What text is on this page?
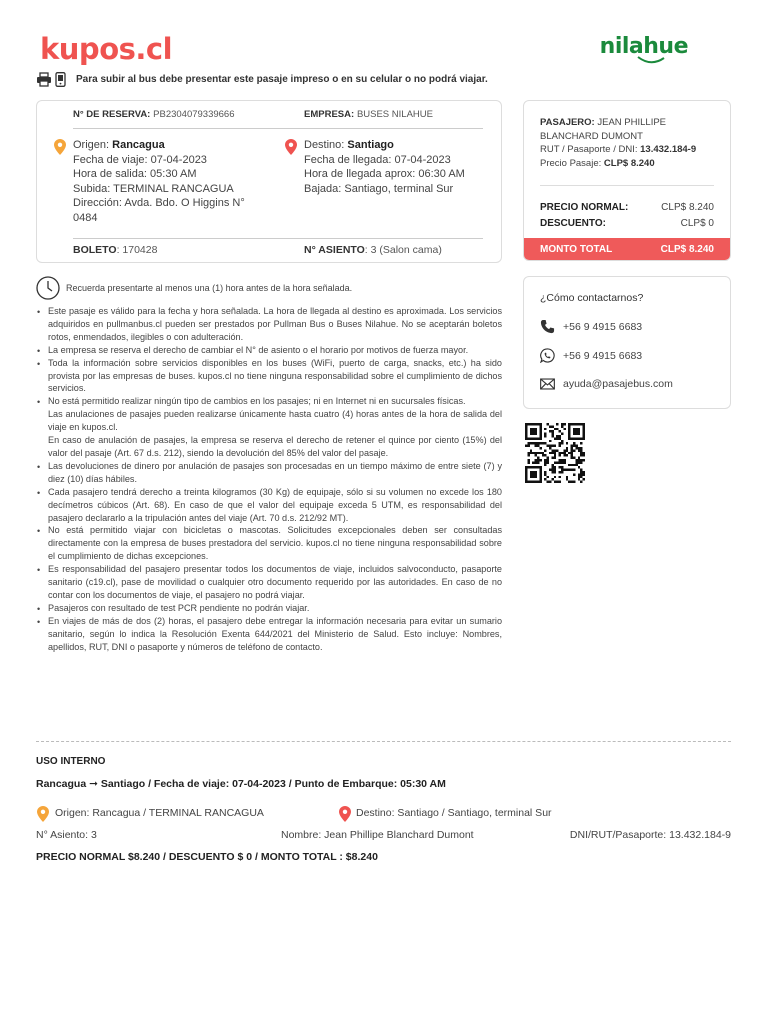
kupos.cl	nilahue
Para subir al bus debe presentar este pasaje impreso o en su celular o no podrá viajar.
N° DE RESERVA: PB2304079339666	EMPRESA: BUSES NILAHUE
Origen: Rancagua
Fecha de viaje: 07-04-2023
Hora de salida: 05:30 AM
Subida: TERMINAL RANCAGUA
Dirección: Avda. Bdo. O Higgins N°
0484
Destino: Santiago
Fecha de llegada: 07-04-2023
Hora de llegada aprox: 06:30 AM
Bajada: Santiago, terminal Sur
BOLETO: 170428	N° ASIENTO: 3 (Salon cama)
PASAJERO: JEAN PHILLIPE
BLANCHARD DUMONT
RUT / Pasaporte / DNI: 13.432.184-9
Precio Pasaje: CLP$ 8.240
PRECIO NORMAL:	CLP$ 8.240
DESCUENTO:	CLP$ 0
MONTO TOTAL	CLP$ 8.240
Recuerda presentarte al menos una (1) hora antes de la hora señalada.
¿Cómo contactarnos?
+56 9 4915 6683
+56 9 4915 6683
ayuda@pasajebus.com
• Este pasaje es válido para la fecha y hora señalada. La hora de llegada al destino es aproximada. Los servicios adquiridos en pullmanbus.cl pueden ser prestados por Pullman Bus o Buses Nilahue. No se aceptarán boletos rotos, enmendados, ilegibles o con adulteración.
• La empresa se reserva el derecho de cambiar el N° de asiento o el horario por motivos de fuerza mayor.
• Toda la información sobre servicios disponibles en los buses (WiFi, puerto de carga, snacks, etc.) ha sido provista por las empresas de buses. kupos.cl no tiene ninguna responsabilidad sobre el cumplimiento de dichos servicios.
• No está permitido realizar ningún tipo de cambios en los pasajes; ni en Internet ni en sucursales físicas.
Las anulaciones de pasajes pueden realizarse únicamente hasta cuatro (4) horas antes de la hora de salida del viaje en kupos.cl.
En caso de anulación de pasajes, la empresa se reserva el derecho de retener el quince por ciento (15%) del valor del pasaje (Art. 67 d.s. 212), siendo la devolución del 85% del valor del pasaje.
• Las devoluciones de dinero por anulación de pasajes son procesadas en un tiempo máximo de entre siete (7) y diez (10) días hábiles.
• Cada pasajero tendrá derecho a treinta kilogramos (30 Kg) de equipaje, sólo si su volumen no excede los 180 decímetros cúbicos (Art. 68). En caso de que el valor del equipaje exceda 5 UTM, es responsabilidad del pasajero declararlo a la tripulación antes del viaje (Art. 70 d.s. 212/92 MT).
• No está permitido viajar con bicicletas o mascotas. Solicitudes excepcionales deben ser consultadas directamente con la empresa de buses prestadora del servicio. kupos.cl no tiene ninguna responsabilidad sobre el cumplimiento de dichas excepciones.
• Es responsabilidad del pasajero presentar todos los documentos de viaje, incluidos salvoconducto, pasaporte sanitario (c19.cl), pase de movilidad o cualquier otro documento requerido por las autoridades. En caso de no contar con los documentos de viaje, el pasajero no podrá viajar.
• Pasajeros con resultado de test PCR pendiente no podrán viajar.
• En viajes de más de dos (2) horas, el pasajero debe entregar la información necesaria para evitar un sumario sanitario, según lo indica la Resolución Exenta 644/2021 del Ministerio de Salud. Esto incluye: Nombres, apellidos, RUT, DNI o pasaporte y números de teléfono de contacto.
USO INTERNO
Rancagua ➞ Santiago / Fecha de viaje: 07-04-2023 / Punto de Embarque: 05:30 AM
Origen: Rancagua / TERMINAL RANCAGUA	Destino: Santiago / Santiago, terminal Sur
N° Asiento: 3	Nombre: Jean Phillipe Blanchard Dumont	DNI/RUT/Pasaporte: 13.432.184-9
PRECIO NORMAL $8.240 / DESCUENTO $ 0 / MONTO TOTAL : $8.240
